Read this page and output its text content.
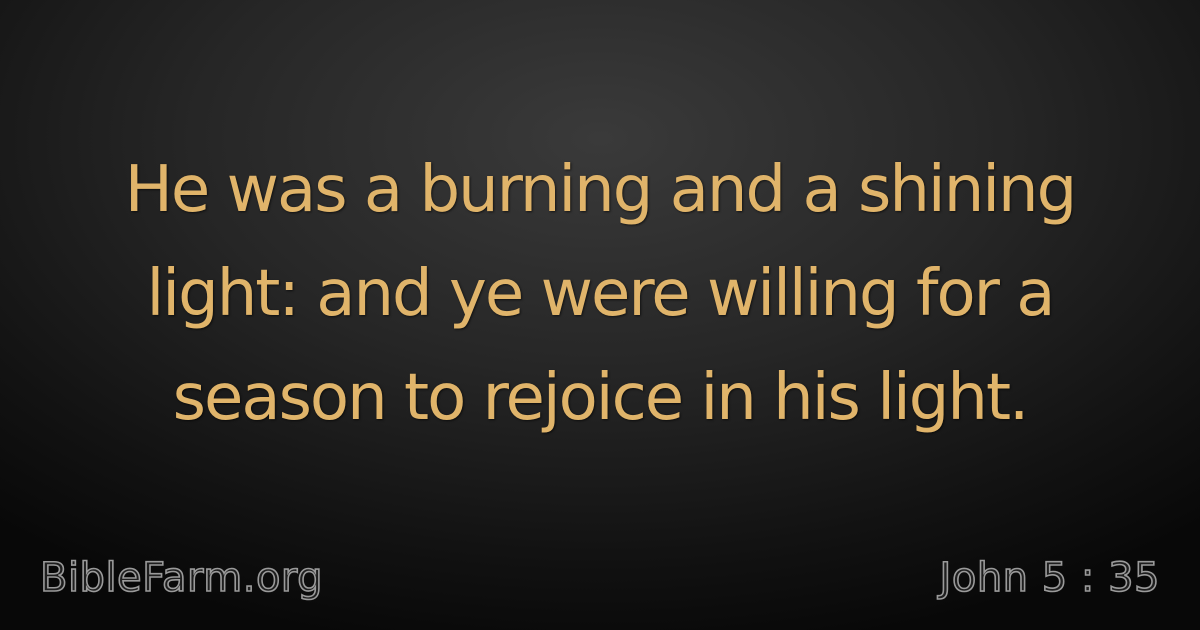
He was a burning and a shining
light: and ye were willing for a
season to rejoice in his light.
BibleFarm.org	John 5 : 35
